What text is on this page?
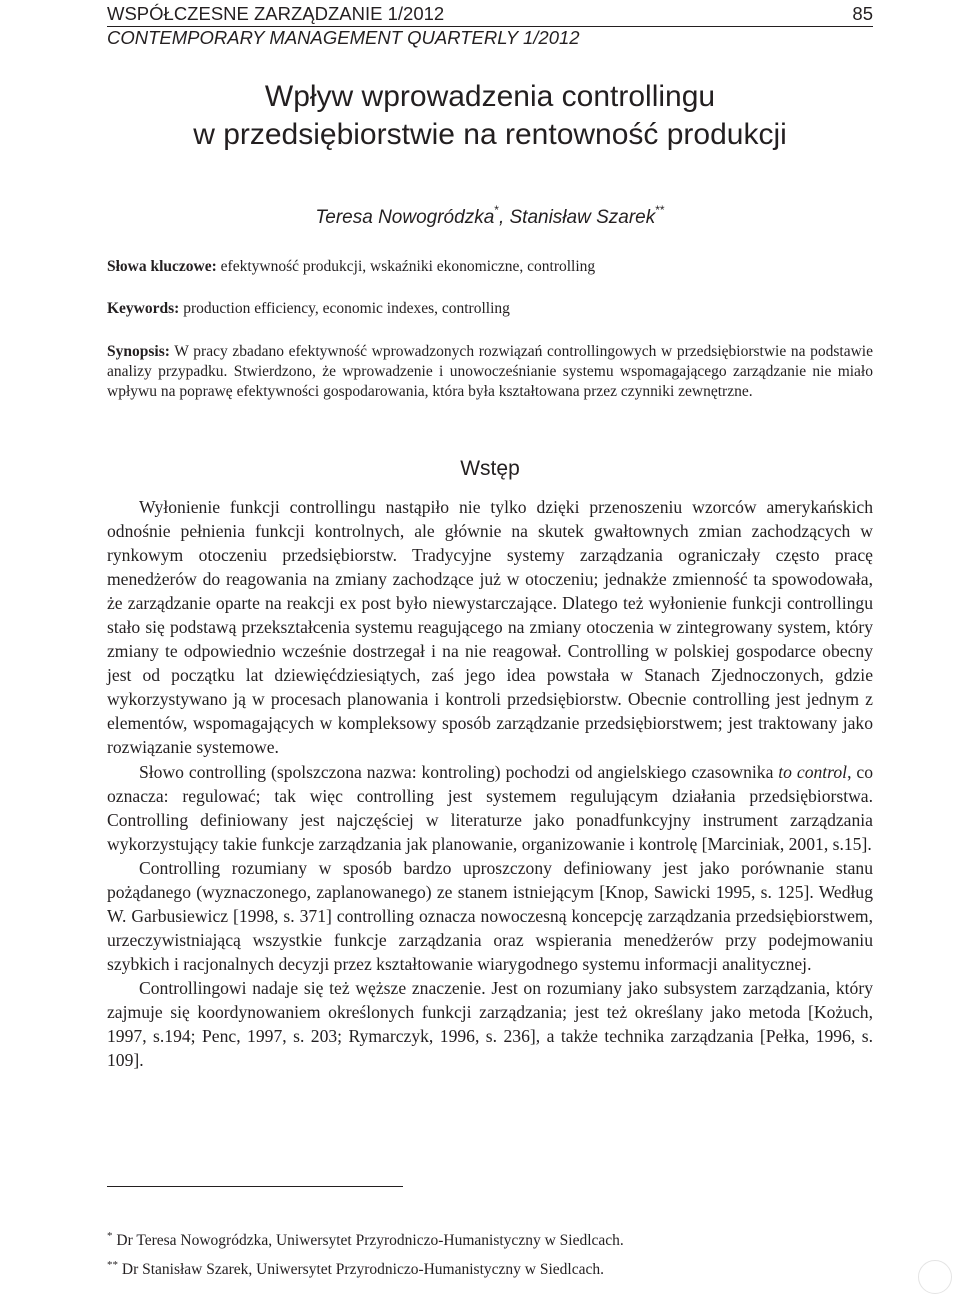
WSPÓŁCZESNE ZARZĄDZANIE 1/2012	85
CONTEMPORARY MANAGEMENT QUARTERLY 1/2012
Wpływ wprowadzenia controllingu
w przedsiębiorstwie na rentowność produkcji
Teresa Nowogródzka*, Stanisław Szarek**
Słowa kluczowe: efektywność produkcji, wskaźniki ekonomiczne, controlling
Keywords: production efficiency, economic indexes, controlling
Synopsis: W pracy zbadano efektywność wprowadzonych rozwiązań controllingowych w przedsiębiorstwie na podstawie analizy przypadku. Stwierdzono, że wprowadzenie i unowocześnianie systemu wspomagającego zarządzanie nie miało wpływu na poprawę efektywności gospodarowania, która była kształtowana przez czynniki zewnętrzne.
Wstęp

Wyłonienie funkcji controllingu nastąpiło nie tylko dzięki przenoszeniu wzorców amerykańskich odnośnie pełnienia funkcji kontrolnych, ale głównie na skutek gwałtownych zmian zachodzących w rynkowym otoczeniu przedsiębiorstw. Tradycyjne systemy zarządzania ograniczały często pracę menedżerów do reagowania na zmiany zachodzące już w otoczeniu; jednakże zmienność ta spowodowała, że zarządzanie oparte na reakcji ex post było niewystarczające. Dlatego też wyłonienie funkcji controllingu stało się podstawą przekształcenia systemu reagującego na zmiany otoczenia w zintegrowany system, który zmiany te odpowiednio wcześnie dostrzegał i na nie reagował. Controlling w polskiej gospodarce obecny jest od początku lat dziewięćdziesiątych, zaś jego idea powstała w Stanach Zjednoczonych, gdzie wykorzystywano ją w procesach planowania i kontroli przedsiębiorstw. Obecnie controlling jest jednym z elementów, wspomagających w kompleksowy sposób zarządzanie przedsiębiorstwem; jest traktowany jako rozwiązanie systemowe.

Słowo controlling (spolszczona nazwa: kontroling) pochodzi od angielskiego czasownika to control, co oznacza: regulować; tak więc controlling jest systemem regulującym działania przedsiębiorstwa. Controlling definiowany jest najczęściej w literaturze jako ponadfunkcyjny instrument zarządzania wykorzystujący takie funkcje zarządzania jak planowanie, organizowanie i kontrolę [Marciniak, 2001, s.15].

Controlling rozumiany w sposób bardzo uproszczony definiowany jest jako porównanie stanu pożądanego (wyznaczonego, zaplanowanego) ze stanem istniejącym [Knop, Sawicki 1995, s. 125]. Według W. Garbusiewicz [1998, s. 371] controlling oznacza nowoczesną koncepcję zarządzania przedsiębiorstwem, urzeczywistniającą wszystkie funkcje zarządzania oraz wspierania menedżerów przy podejmowaniu szybkich i racjonalnych decyzji przez kształtowanie wiarygodnego systemu informacji analitycznej.

Controllingowi nadaje się też węższe znaczenie. Jest on rozumiany jako subsystem zarządzania, który zajmuje się koordynowaniem określonych funkcji zarządzania; jest też określany jako metoda [Kożuch, 1997, s.194; Penc, 1997, s. 203; Rymarczyk, 1996, s. 236], a także technika zarządzania [Pełka, 1996, s. 109].

* Dr Teresa Nowogródzka, Uniwersytet Przyrodniczo-Humanistyczny w Siedlcach.
** Dr Stanisław Szarek, Uniwersytet Przyrodniczo-Humanistyczny w Siedlcach.
